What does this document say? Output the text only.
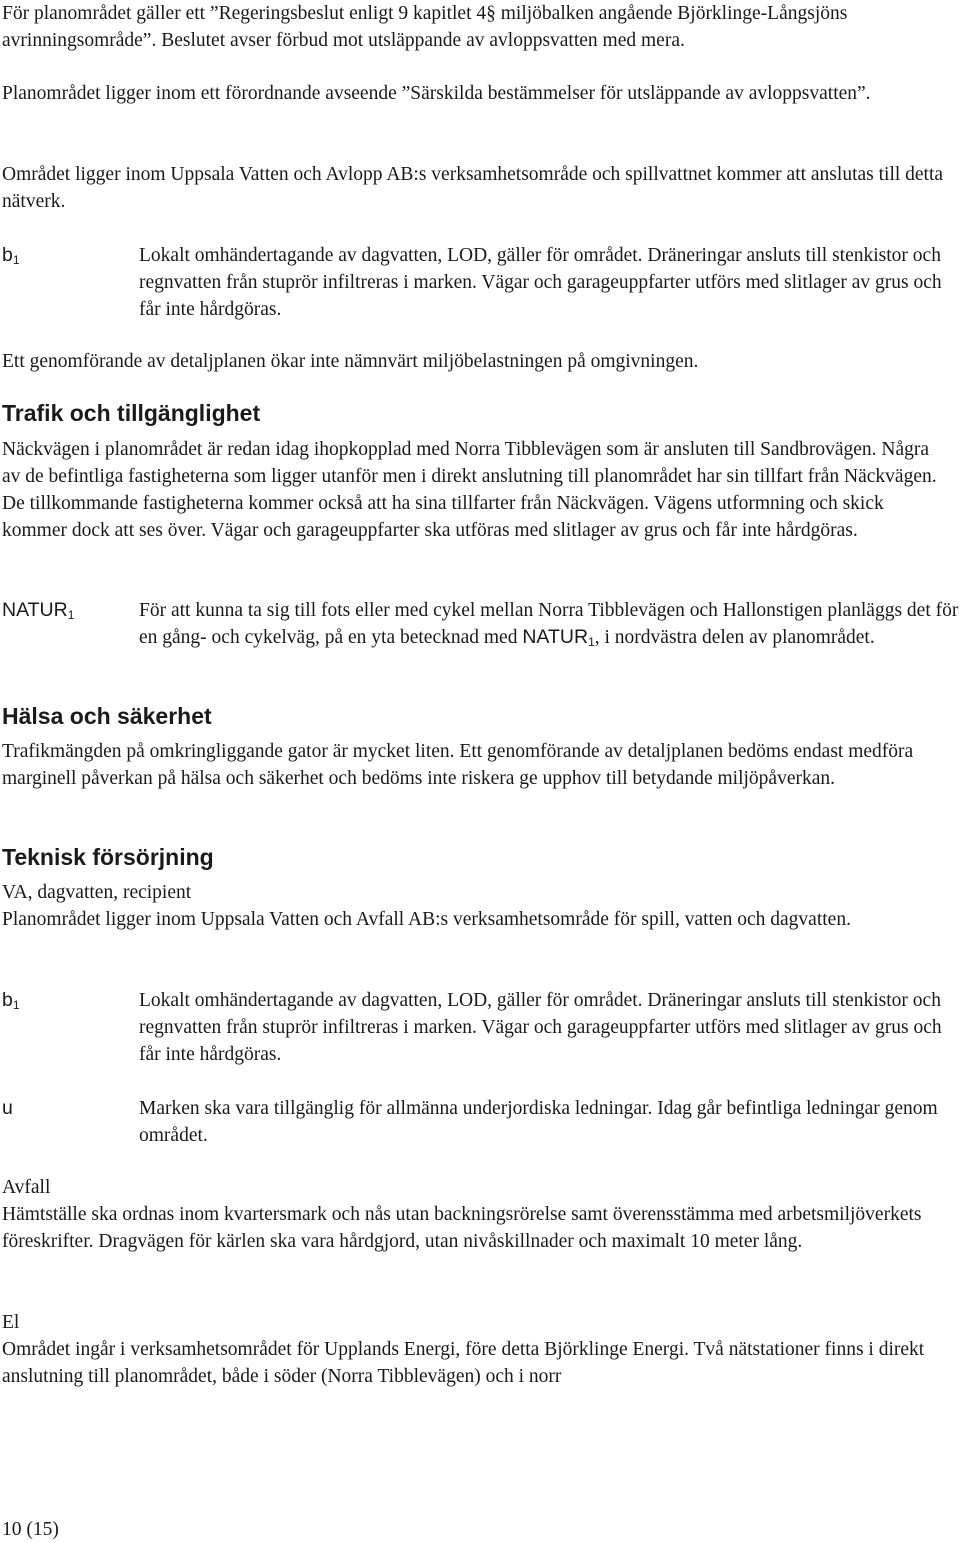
För planområdet gäller ett ”Regeringsbeslut enligt 9 kapitlet 4§ miljöbalken angående Björklinge-Långsjöns avrinningsområde”. Beslutet avser förbud mot utsläppande av avloppsvatten med mera.

Planområdet ligger inom ett förordnande avseende ”Särskilda bestämmelser för utsläppande av avloppsvatten”.

Området ligger inom Uppsala Vatten och Avlopp AB:s verksamhetsområde och spillvattnet kommer att anslutas till detta nätverk.

$b_1$	Lokalt omhändertagande av dagvatten, LOD, gäller för området. Dräneringar ansluts till stenkistor och regnvatten från stuprör infiltreras i marken. Vägar och garageuppfarter utförs med slitlager av grus och får inte hårdgöras.

Ett genomförande av detaljplanen ökar inte nämnvärt miljöbelastningen på omgivningen.

Trafik och tillgänglighet

Näckvägen i planområdet är redan idag ihopkopplad med Norra Tibblevägen som är ansluten till Sandbrovägen. Några av de befintliga fastigheterna som ligger utanför men i direkt anslutning till planområdet har sin tillfart från Näckvägen. De tillkommande fastigheterna kommer också att ha sina tillfarter från Näckvägen. Vägens utformning och skick kommer dock att ses över. Vägar och garageuppfarter ska utföras med slitlager av grus och får inte hårdgöras.

$NATUR_1$	För att kunna ta sig till fots eller med cykel mellan Norra Tibblevägen och Hallonstigen planläggs det för en gång- och cykelväg, på en yta betecknad med $NATUR_1$, i nordvästra delen av planområdet.
Hälsa och säkerhet

Trafikmängden på omkringliggande gator är mycket liten. Ett genomförande av detaljplanen bedöms endast medföra marginell påverkan på hälsa och säkerhet och bedöms inte riskera ge upphov till betydande miljöpåverkan.

Teknisk försörjning

VA, dagvatten, recipient

Planområdet ligger inom Uppsala Vatten och Avfall AB:s verksamhetsområde för spill, vatten och dagvatten.

$b_1$	Lokalt omhändertagande av dagvatten, LOD, gäller för området. Dräneringar ansluts till stenkistor och regnvatten från stuprör infiltreras i marken. Vägar och garageuppfarter utförs med slitlager av grus och får inte hårdgöras.
u	Marken ska vara tillgänglig för allmänna underjordiska ledningar. Idag går befintliga ledningar genom området.

Avfall

Hämtställe ska ordnas inom kvartersmark och nås utan backningsrörelse samt överensstämma med arbetsmiljöverkets föreskrifter. Dragvägen för kärlen ska vara hårdgjord, utan nivåskillnader och maximalt 10 meter lång.

El

Området ingår i verksamhetsområdet för Upplands Energi, före detta Björklinge Energi. Två nätstationer finns i direkt anslutning till planområdet, både i söder (Norra Tibblevägen) och i norr

10 (15)
